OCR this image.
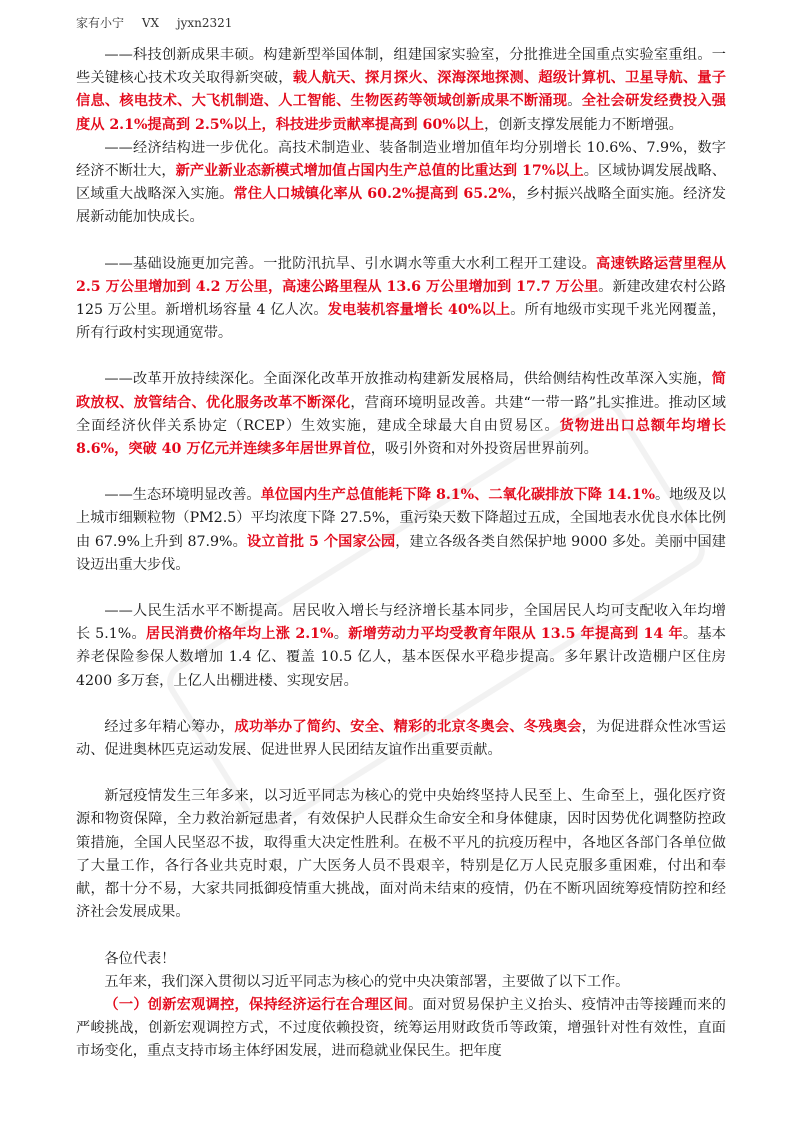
家有小宁 VX jyxn2321

——科技创新成果丰硕。构建新型举国体制，组建国家实验室，分批推进全国重点实验室重组。一些关键核心技术攻关取得新突破，载人航天、探月探火、深海深地探测、超级计算机、卫星导航、量子信息、核电技术、大飞机制造、人工智能、生物医药等领域创新成果不断涌现。全社会研发经费投入强度从 2.1%提高到 2.5%以上，科技进步贡献率提高到 60%以上，创新支撑发展能力不断增强。

——经济结构进一步优化。高技术制造业、装备制造业增加值年均分别增长 10.6%、7.9%，数字经济不断壮大，新产业新业态新模式增加值占国内生产总值的比重达到 17%以上。区域协调发展战略、区域重大战略深入实施。常住人口城镇化率从 60.2%提高到 65.2%，乡村振兴战略全面实施。经济发展新动能加快成长。

——基础设施更加完善。一批防汛抗旱、引水调水等重大水利工程开工建设。高速铁路运营里程从 2.5 万公里增加到 4.2 万公里，高速公路里程从 13.6 万公里增加到 17.7 万公里。新建改建农村公路 125 万公里。新增机场容量 4 亿人次。发电装机容量增长 40%以上。所有地级市实现千兆光网覆盖，所有行政村实现通宽带。

——改革开放持续深化。全面深化改革开放推动构建新发展格局，供给侧结构性改革深入实施，简政放权、放管结合、优化服务改革不断深化，营商环境明显改善。共建“一带一路”扎实推进。推动区域全面经济伙伴关系协定（RCEP）生效实施，建成全球最大自由贸易区。货物进出口总额年均增长 8.6%，突破 40 万亿元并连续多年居世界首位，吸引外资和对外投资居世界前列。

——生态环境明显改善。单位国内生产总值能耗下降 8.1%、二氧化碳排放下降 14.1%。地级及以上城市细颗粒物（PM2.5）平均浓度下降 27.5%，重污染天数下降超过五成，全国地表水优良水体比例由 67.9%上升到 87.9%。设立首批 5 个国家公园，建立各级各类自然保护地 9000 多处。美丽中国建设迈出重大步伐。

——人民生活水平不断提高。居民收入增长与经济增长基本同步，全国居民人均可支配收入年均增长 5.1%。居民消费价格年均上涨 2.1%。新增劳动力平均受教育年限从 13.5 年提高到 14 年。基本养老保险参保人数增加 1.4 亿、覆盖 10.5 亿人，基本医保水平稳步提高。多年累计改造棚户区住房 4200 多万套，上亿人出棚进楼、实现安居。

经过多年精心筹办，成功举办了简约、安全、精彩的北京冬奥会、冬残奥会，为促进群众性冰雪运动、促进奥林匹克运动发展、促进世界人民团结友谊作出重要贡献。

新冠疫情发生三年多来，以习近平同志为核心的党中央始终坚持人民至上、生命至上，强化医疗资源和物资保障，全力救治新冠患者，有效保护人民群众生命安全和身体健康，因时因势优化调整防控政策措施，全国人民坚忍不拔，取得重大决定性胜利。在极不平凡的抗疫历程中，各地区各部门各单位做了大量工作，各行各业共克时艰，广大医务人员不畏艰辛，特别是亿万人民克服多重困难，付出和奉献，都十分不易，大家共同抵御疫情重大挑战，面对尚未结束的疫情，仍在不断巩固统筹疫情防控和经济社会发展成果。

各位代表！

五年来，我们深入贯彻以习近平同志为核心的党中央决策部署，主要做了以下工作。

（一）创新宏观调控，保持经济运行在合理区间。面对贸易保护主义抬头、疫情冲击等接踵而来的严峻挑战，创新宏观调控方式，不过度依赖投资，统筹运用财政货币等政策，增强针对性有效性，直面市场变化，重点支持市场主体纾困发展，进而稳就业保民生。把年度
